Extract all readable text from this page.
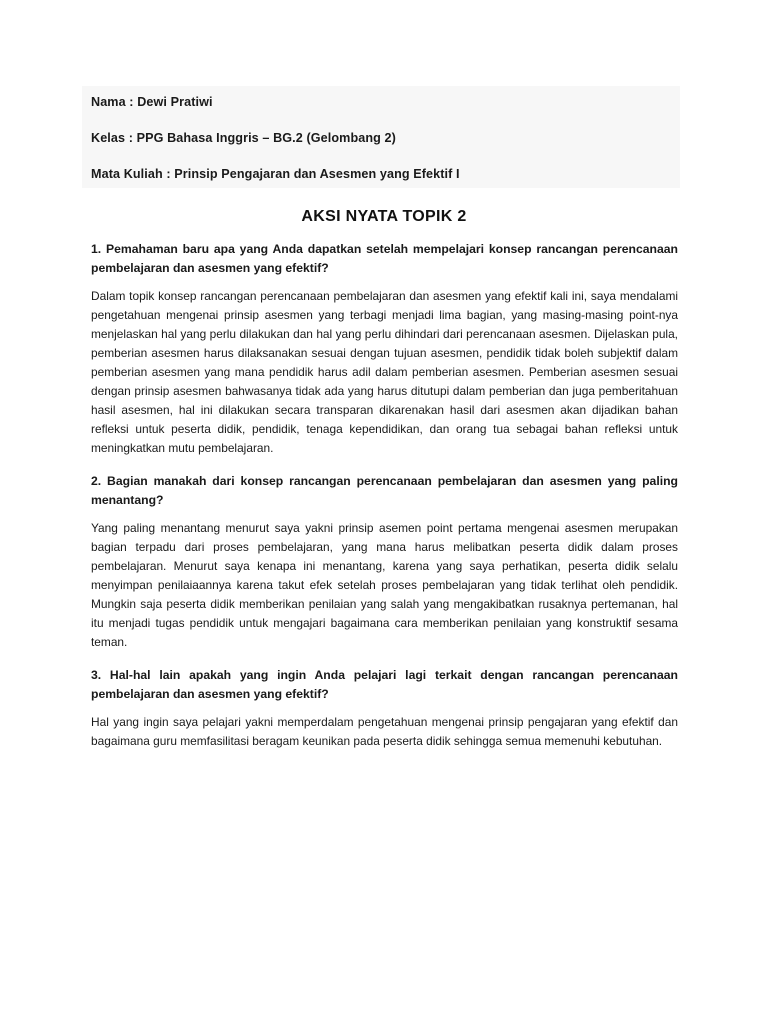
Nama : Dewi Pratiwi
Kelas : PPG Bahasa Inggris – BG.2 (Gelombang 2)
Mata Kuliah : Prinsip Pengajaran dan Asesmen yang Efektif I
AKSI NYATA TOPIK 2

1. Pemahaman baru apa yang Anda dapatkan setelah mempelajari konsep rancangan perencanaan pembelajaran dan asesmen yang efektif?

Dalam topik konsep rancangan perencanaan pembelajaran dan asesmen yang efektif kali ini, saya mendalami pengetahuan mengenai prinsip asesmen yang terbagi menjadi lima bagian, yang masing-masing point-nya menjelaskan hal yang perlu dilakukan dan hal yang perlu dihindari dari perencanaan asesmen. Dijelaskan pula, pemberian asesmen harus dilaksanakan sesuai dengan tujuan asesmen, pendidik tidak boleh subjektif dalam pemberian asesmen yang mana pendidik harus adil dalam pemberian asesmen. Pemberian asesmen sesuai dengan prinsip asesmen bahwasanya tidak ada yang harus ditutupi dalam pemberian dan juga pemberitahuan hasil asesmen, hal ini dilakukan secara transparan dikarenakan hasil dari asesmen akan dijadikan bahan refleksi untuk peserta didik, pendidik, tenaga kependidikan, dan orang tua sebagai bahan refleksi untuk meningkatkan mutu pembelajaran.

2. Bagian manakah dari konsep rancangan perencanaan pembelajaran dan asesmen yang paling menantang?

Yang paling menantang menurut saya yakni prinsip asemen point pertama mengenai asesmen merupakan bagian terpadu dari proses pembelajaran, yang mana harus melibatkan peserta didik dalam proses pembelajaran. Menurut saya kenapa ini menantang, karena yang saya perhatikan, peserta didik selalu menyimpan penilaiaannya karena takut efek setelah proses pembelajaran yang tidak terlihat oleh pendidik. Mungkin saja peserta didik memberikan penilaian yang salah yang mengakibatkan rusaknya pertemanan, hal itu menjadi tugas pendidik untuk mengajari bagaimana cara memberikan penilaian yang konstruktif sesama teman.

3. Hal-hal lain apakah yang ingin Anda pelajari lagi terkait dengan rancangan perencanaan pembelajaran dan asesmen yang efektif?

Hal yang ingin saya pelajari yakni memperdalam pengetahuan mengenai prinsip pengajaran yang efektif dan bagaimana guru memfasilitasi beragam keunikan pada peserta didik sehingga semua memenuhi kebutuhan.
